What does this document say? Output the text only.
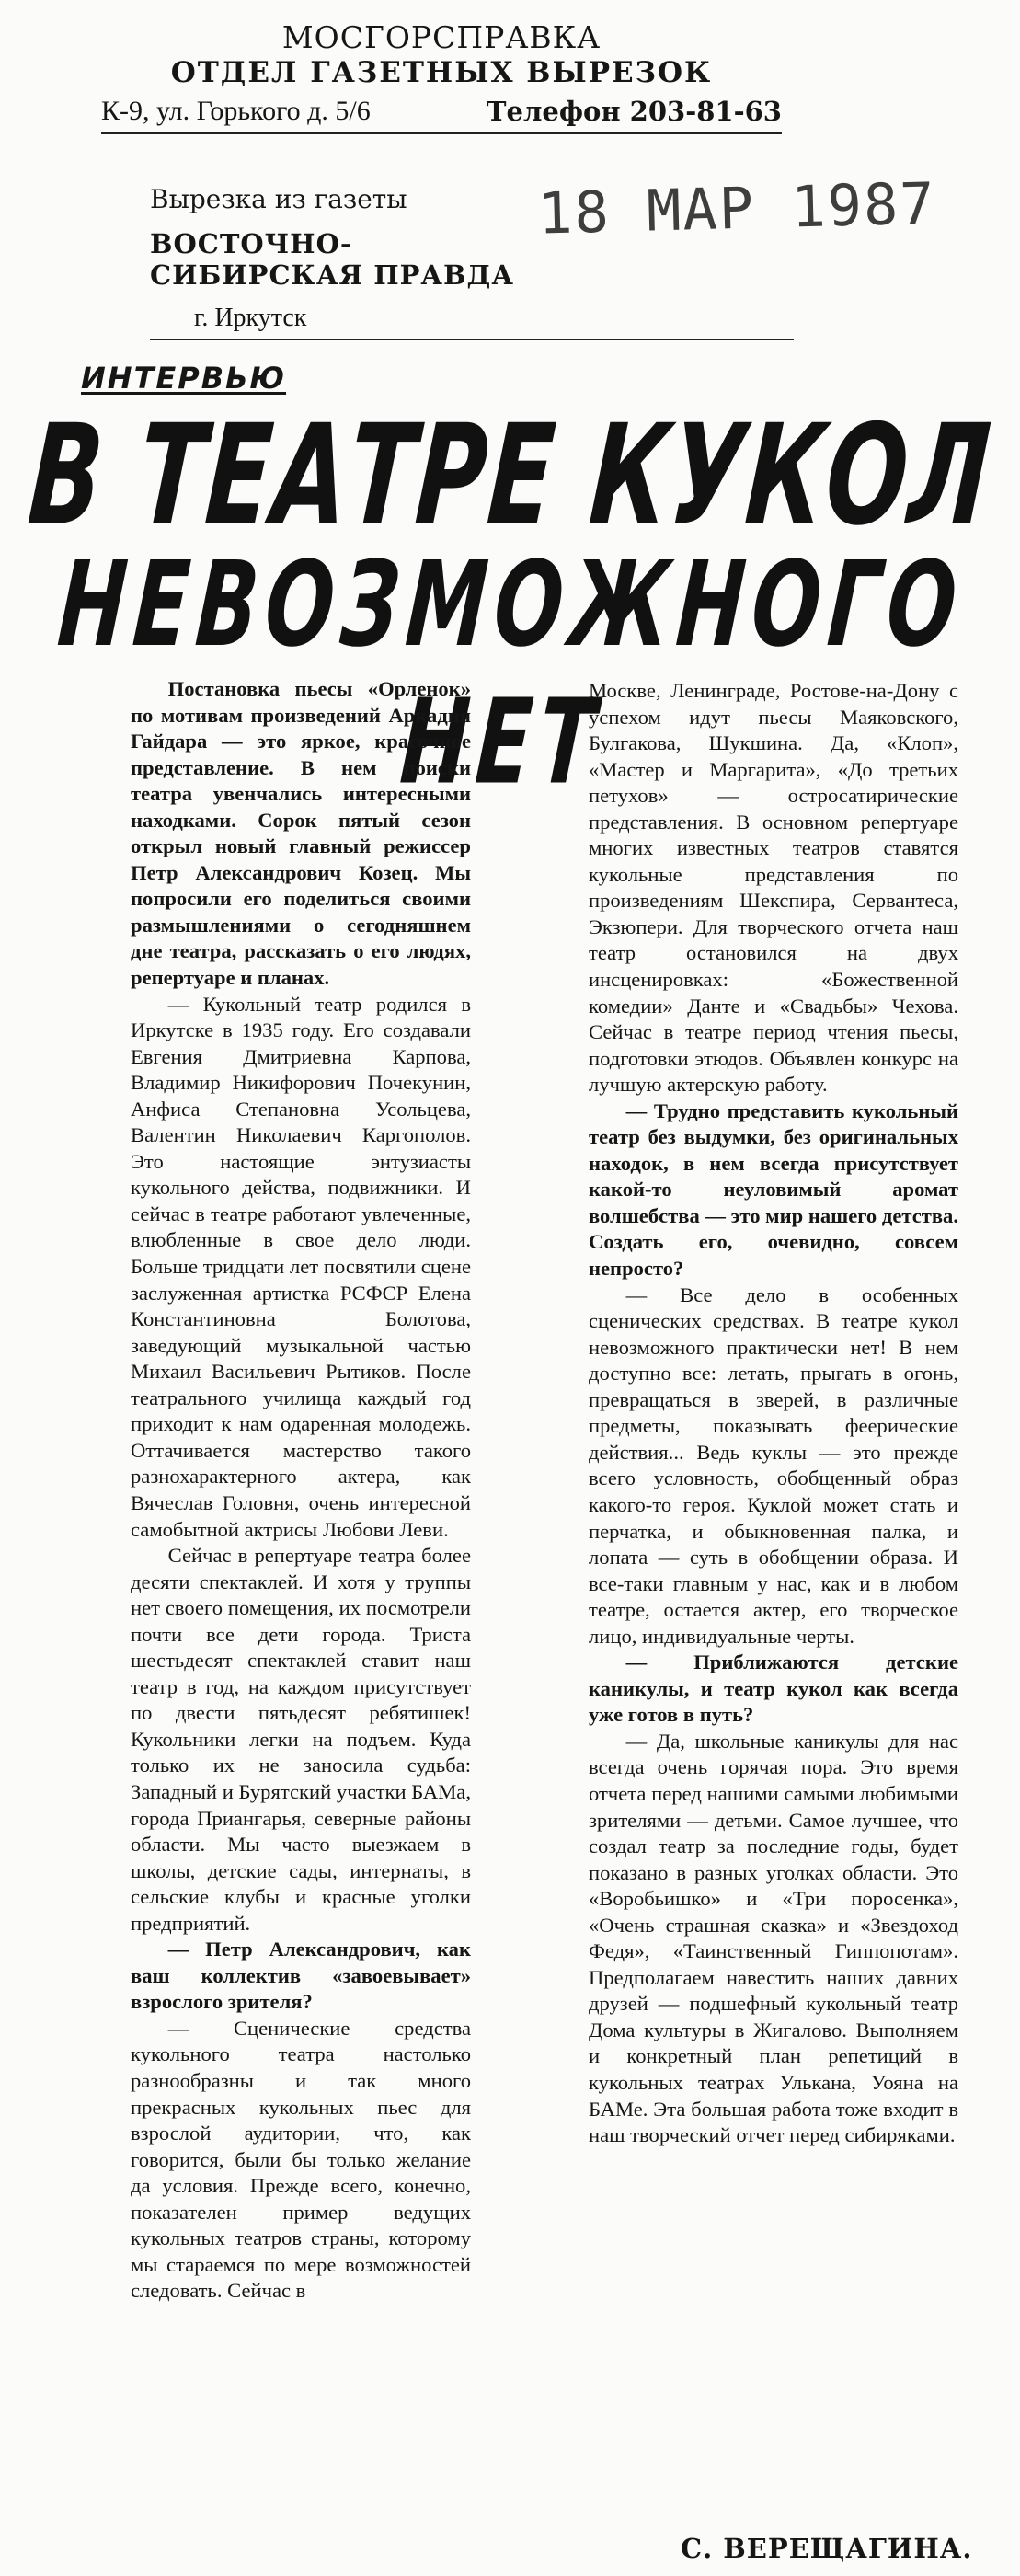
МОСГОРСПРАВКА
ОТДЕЛ ГАЗЕТНЫХ ВЫРЕЗОК
К-9, ул. Горького д. 5/6	Телефон 203-81-63
Вырезка из газеты
ВОСТОЧНО-
СИБИРСКАЯ ПРАВДА
г. Иркутск
18 МАР 1987
ИНТЕРВЬЮ
В ТЕАТРЕ КУКОЛ
НЕВОЗМОЖНОГО НЕТ

Постановка пьесы «Орленок» по мотивам произведений Аркадия Гайдара — это яркое, красочное представление. В нем поиски театра увенчались интересными находками. Сорок пятый сезон открыл новый главный режиссер Петр Александрович Козец. Мы попросили его поделиться своими размышлениями о сегодняшнем дне театра, рассказать о его людях, репертуаре и планах.

— Кукольный театр родился в Иркутске в 1935 году. Его создавали Евгения Дмитриевна Карпова, Владимир Никифорович Почекунин, Анфиса Степановна Усольцева, Валентин Николаевич Каргополов. Это настоящие энтузиасты кукольного действа, подвижники. И сейчас в театре работают увлеченные, влюбленные в свое дело люди. Больше тридцати лет посвятили сцене заслуженная артистка РСФСР Елена Константиновна Болотова, заведующий музыкальной частью Михаил Васильевич Рытиков. После театрального училища каждый год приходит к нам одаренная молодежь. Оттачивается мастерство такого разнохарактерного актера, как Вячеслав Головня, очень интересной самобытной актрисы Любови Леви.

Сейчас в репертуаре театра более десяти спектаклей. И хотя у труппы нет своего помещения, их посмотрели почти все дети города. Триста шестьдесят спектаклей ставит наш театр в год, на каждом присутствует по двести пятьдесят ребятишек! Кукольники легки на подъем. Куда только их не заносила судьба: Западный и Бурятский участки БАМа, города Приангарья, северные районы области. Мы часто выезжаем в школы, детские сады, интернаты, в сельские клубы и красные уголки предприятий.

— Петр Александрович, как ваш коллектив «завоевывает» взрослого зрителя?

— Сценические средства кукольного театра настолько разнообразны и так много прекрасных кукольных пьес для взрослой аудитории, что, как говорится, были бы только желание да условия. Прежде всего, конечно, показателен пример ведущих кукольных театров страны, которому мы стараемся по мере возможностей следовать. Сейчас в

Москве, Ленинграде, Ростове-на-Дону с успехом идут пьесы Маяковского, Булгакова, Шукшина. Да, «Клоп», «Мастер и Маргарита», «До третьих петухов» — остросатирические представления. В основном репертуаре многих известных театров ставятся кукольные представления по произведениям Шекспира, Сервантеса, Экзюпери. Для творческого отчета наш театр остановился на двух инсценировках: «Божественной комедии» Данте и «Свадьбы» Чехова. Сейчас в театре период чтения пьесы, подготовки этюдов. Объявлен конкурс на лучшую актерскую работу.

— Трудно представить кукольный театр без выдумки, без оригинальных находок, в нем всегда присутствует какой-то неуловимый аромат волшебства — это мир нашего детства. Создать его, очевидно, совсем непросто?

— Все дело в особенных сценических средствах. В театре кукол невозможного практически нет! В нем доступно все: летать, прыгать в огонь, превращаться в зверей, в различные предметы, показывать феерические действия... Ведь куклы — это прежде всего условность, обобщенный образ какого-то героя. Куклой может стать и перчатка, и обыкновенная палка, и лопата — суть в обобщении образа. И все-таки главным у нас, как и в любом театре, остается актер, его творческое лицо, индивидуальные черты.

— Приближаются детские каникулы, и театр кукол как всегда уже готов в путь?

— Да, школьные каникулы для нас всегда очень горячая пора. Это время отчета перед нашими самыми любимыми зрителями — детьми. Самое лучшее, что создал театр за последние годы, будет показано в разных уголках области. Это «Воробьишко» и «Три поросенка», «Очень страшная сказка» и «Звездоход Федя», «Таинственный Гиппопотам». Предполагаем навестить наших давних друзей — подшефный кукольный театр Дома культуры в Жигалово. Выполняем и конкретный план репетиций в кукольных театрах Улькана, Уояна на БАМе. Эта большая работа тоже входит в наш творческий отчет перед сибиряками.

С. ВЕРЕЩАГИНА.
